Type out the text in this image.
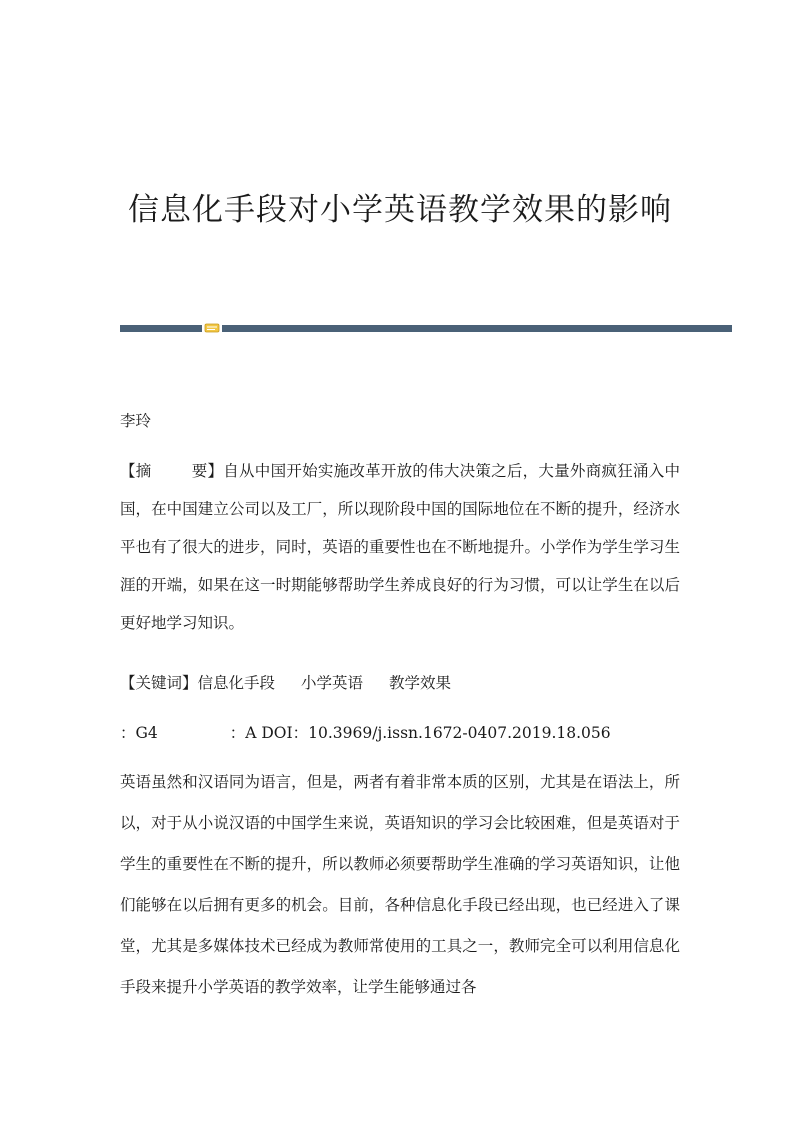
信息化手段对小学英语教学效果的影响

李玲

【摘	要】自从中国开始实施改革开放的伟大决策之后，大量外商疯狂涌入中国，在中国建立公司以及工厂，所以现阶段中国的国际地位在不断的提升，经济水平也有了很大的进步，同时，英语的重要性也在不断地提升。小学作为学生学习生涯的开端，如果在这一时期能够帮助学生养成良好的行为习惯，可以让学生在以后更好地学习知识。

【关键词】信息化手段 小学英语 教学效果

：G4	：A DOI：10.3969/j.issn.1672-0407.2019.18.056

英语虽然和汉语同为语言，但是，两者有着非常本质的区别，尤其是在语法上，所以，对于从小说汉语的中国学生来说，英语知识的学习会比较困难，但是英语对于学生的重要性在不断的提升，所以教师必须要帮助学生准确的学习英语知识，让他们能够在以后拥有更多的机会。目前，各种信息化手段已经出现，也已经进入了课堂，尤其是多媒体技术已经成为教师常使用的工具之一，教师完全可以利用信息化手段来提升小学英语的教学效率，让学生能够通过各
